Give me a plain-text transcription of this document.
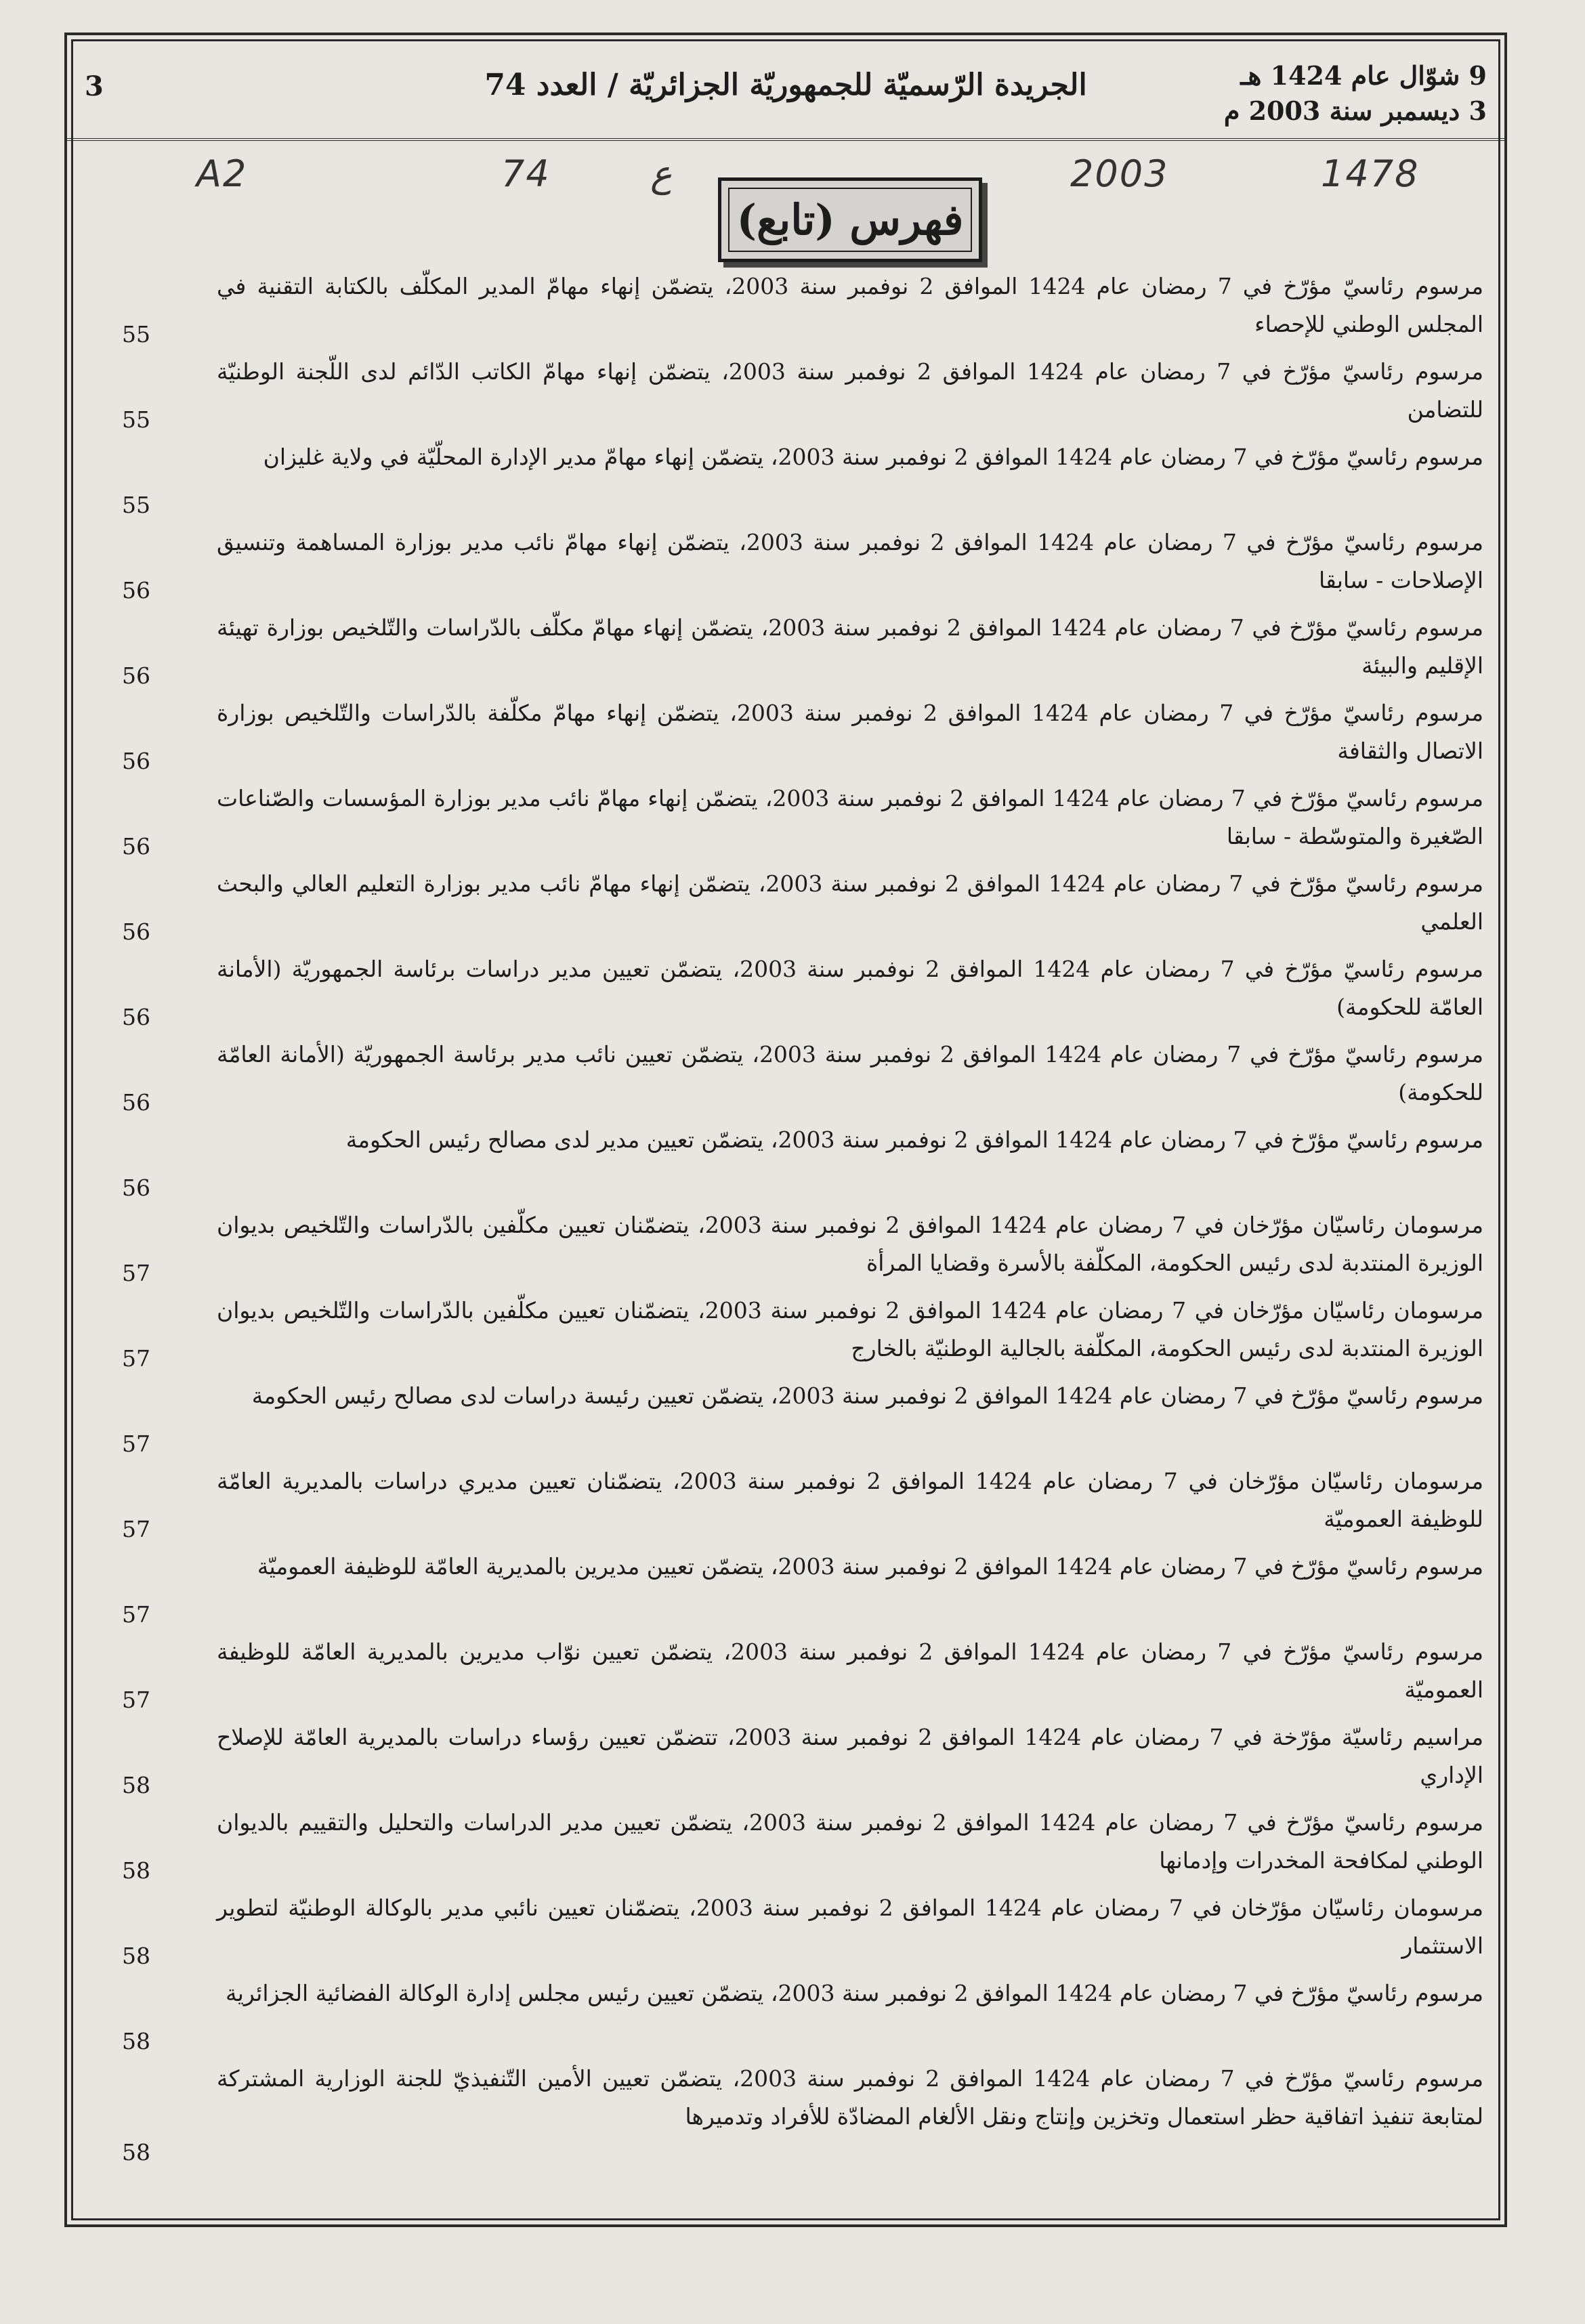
3	الجريدة الرّسميّة للجمهوريّة الجزائريّة / العدد 74	9 شوّال عام 1424 هـ
3 ديسمبر سنة 2003 م
A2	74	ع	2003	1478
فهرس (تابع)
مرسوم رئاسيّ مؤرّخ في 7 رمضان عام 1424 الموافق 2 نوفمبر سنة 2003، يتضمّن إنهاء مهامّ المدير المكلّف بالكتابة التقنية في المجلس الوطني للإحصاء
55
مرسوم رئاسيّ مؤرّخ في 7 رمضان عام 1424 الموافق 2 نوفمبر سنة 2003، يتضمّن إنهاء مهامّ الكاتب الدّائم لدى اللّجنة الوطنيّة للتضامن
55
مرسوم رئاسيّ مؤرّخ في 7 رمضان عام 1424 الموافق 2 نوفمبر سنة 2003، يتضمّن إنهاء مهامّ مدير الإدارة المحلّيّة في ولاية غليزان
55
مرسوم رئاسيّ مؤرّخ في 7 رمضان عام 1424 الموافق 2 نوفمبر سنة 2003، يتضمّن إنهاء مهامّ نائب مدير بوزارة المساهمة وتنسيق الإصلاحات - سابقا
56
مرسوم رئاسيّ مؤرّخ في 7 رمضان عام 1424 الموافق 2 نوفمبر سنة 2003، يتضمّن إنهاء مهامّ مكلّف بالدّراسات والتّلخيص بوزارة تهيئة الإقليم والبيئة
56
مرسوم رئاسيّ مؤرّخ في 7 رمضان عام 1424 الموافق 2 نوفمبر سنة 2003، يتضمّن إنهاء مهامّ مكلّفة بالدّراسات والتّلخيص بوزارة الاتصال والثقافة
56
مرسوم رئاسيّ مؤرّخ في 7 رمضان عام 1424 الموافق 2 نوفمبر سنة 2003، يتضمّن إنهاء مهامّ نائب مدير بوزارة المؤسسات والصّناعات الصّغيرة والمتوسّطة - سابقا
56
مرسوم رئاسيّ مؤرّخ في 7 رمضان عام 1424 الموافق 2 نوفمبر سنة 2003، يتضمّن إنهاء مهامّ نائب مدير بوزارة التعليم العالي والبحث العلمي
56
مرسوم رئاسيّ مؤرّخ في 7 رمضان عام 1424 الموافق 2 نوفمبر سنة 2003، يتضمّن تعيين مدير دراسات برئاسة الجمهوريّة (الأمانة العامّة للحكومة)
56
مرسوم رئاسيّ مؤرّخ في 7 رمضان عام 1424 الموافق 2 نوفمبر سنة 2003، يتضمّن تعيين نائب مدير برئاسة الجمهوريّة (الأمانة العامّة للحكومة)
56
مرسوم رئاسيّ مؤرّخ في 7 رمضان عام 1424 الموافق 2 نوفمبر سنة 2003، يتضمّن تعيين مدير لدى مصالح رئيس الحكومة
56
مرسومان رئاسيّان مؤرّخان في 7 رمضان عام 1424 الموافق 2 نوفمبر سنة 2003، يتضمّنان تعيين مكلّفين بالدّراسات والتّلخيص بديوان الوزيرة المنتدبة لدى رئيس الحكومة، المكلّفة بالأسرة وقضايا المرأة
57
مرسومان رئاسيّان مؤرّخان في 7 رمضان عام 1424 الموافق 2 نوفمبر سنة 2003، يتضمّنان تعيين مكلّفين بالدّراسات والتّلخيص بديوان الوزيرة المنتدبة لدى رئيس الحكومة، المكلّفة بالجالية الوطنيّة بالخارج
57
مرسوم رئاسيّ مؤرّخ في 7 رمضان عام 1424 الموافق 2 نوفمبر سنة 2003، يتضمّن تعيين رئيسة دراسات لدى مصالح رئيس الحكومة
57
مرسومان رئاسيّان مؤرّخان في 7 رمضان عام 1424 الموافق 2 نوفمبر سنة 2003، يتضمّنان تعيين مديري دراسات بالمديرية العامّة للوظيفة العموميّة
57
مرسوم رئاسيّ مؤرّخ في 7 رمضان عام 1424 الموافق 2 نوفمبر سنة 2003، يتضمّن تعيين مديرين بالمديرية العامّة للوظيفة العموميّة
57
مرسوم رئاسيّ مؤرّخ في 7 رمضان عام 1424 الموافق 2 نوفمبر سنة 2003، يتضمّن تعيين نوّاب مديرين بالمديرية العامّة للوظيفة العموميّة
57
مراسيم رئاسيّة مؤرّخة في 7 رمضان عام 1424 الموافق 2 نوفمبر سنة 2003، تتضمّن تعيين رؤساء دراسات بالمديرية العامّة للإصلاح الإداري
58
مرسوم رئاسيّ مؤرّخ في 7 رمضان عام 1424 الموافق 2 نوفمبر سنة 2003، يتضمّن تعيين مدير الدراسات والتحليل والتقييم بالديوان الوطني لمكافحة المخدرات وإدمانها
58
مرسومان رئاسيّان مؤرّخان في 7 رمضان عام 1424 الموافق 2 نوفمبر سنة 2003، يتضمّنان تعيين نائبي مدير بالوكالة الوطنيّة لتطوير الاستثمار
58
مرسوم رئاسيّ مؤرّخ في 7 رمضان عام 1424 الموافق 2 نوفمبر سنة 2003، يتضمّن تعيين رئيس مجلس إدارة الوكالة الفضائية الجزائرية
58
مرسوم رئاسيّ مؤرّخ في 7 رمضان عام 1424 الموافق 2 نوفمبر سنة 2003، يتضمّن تعيين الأمين التّنفيذيّ للجنة الوزارية المشتركة لمتابعة تنفيذ اتفاقية حظر استعمال وتخزين وإنتاج ونقل الألغام المضادّة للأفراد وتدميرها
58
